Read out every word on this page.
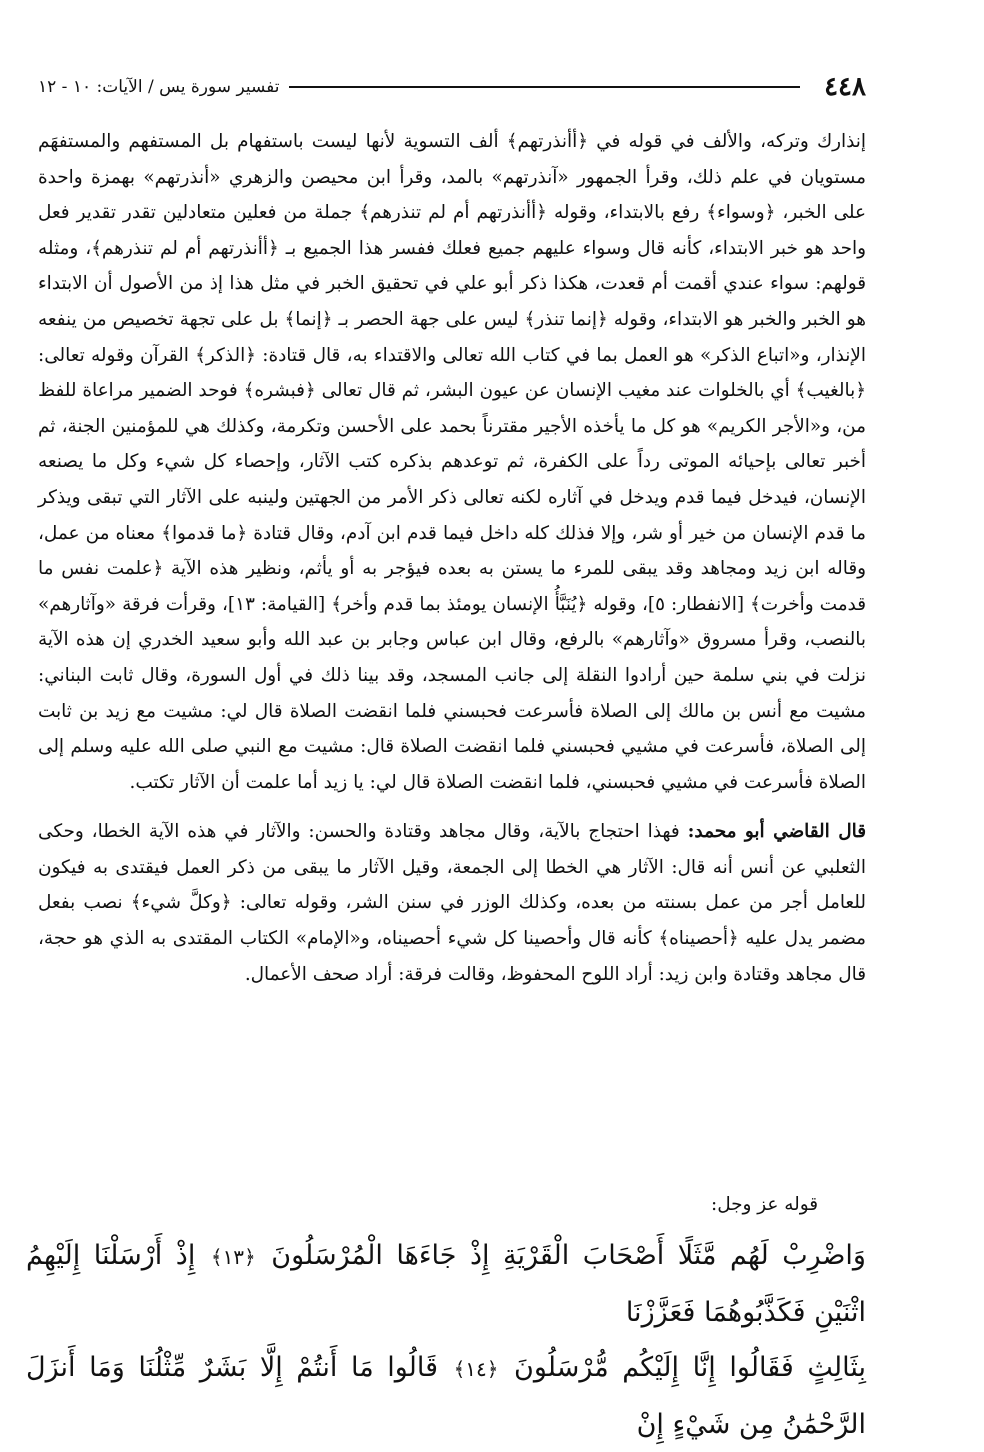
٤٤٨
تفسير سورة يس / الآيات: ١٠ - ١٢

إنذارك وتركه، والألف في قوله في ﴿أأنذرتهم﴾ ألف التسوية لأنها ليست باستفهام بل المستفهم والمستفهَم مستويان في علم ذلك، وقرأ الجمهور «آنذرتهم» بالمد، وقرأ ابن محيصن والزهري «أنذرتهم» بهمزة واحدة على الخبر، ﴿وسواء﴾ رفع بالابتداء، وقوله ﴿أأنذرتهم أم لم تنذرهم﴾ جملة من فعلين متعادلين تقدر تقدير فعل واحد هو خبر الابتداء، كأنه قال وسواء عليهم جميع فعلك ففسر هذا الجميع بـ ﴿أأنذرتهم أم لم تنذرهم﴾، ومثله قولهم: سواء عندي أقمت أم قعدت، هكذا ذكر أبو علي في تحقيق الخبر في مثل هذا إذ من الأصول أن الابتداء هو الخبر والخبر هو الابتداء، وقوله ﴿إنما تنذر﴾ ليس على جهة الحصر بـ ﴿إنما﴾ بل على تجهة تخصيص من ينفعه الإنذار، و«اتباع الذكر» هو العمل بما في كتاب الله تعالى والاقتداء به، قال قتادة: ﴿الذكر﴾ القرآن وقوله تعالى: ﴿بالغيب﴾ أي بالخلوات عند مغيب الإنسان عن عيون البشر، ثم قال تعالى ﴿فبشره﴾ فوحد الضمير مراعاة للفظ من، و«الأجر الكريم» هو كل ما يأخذه الأجير مقترناً بحمد على الأحسن وتكرمة، وكذلك هي للمؤمنين الجنة، ثم أخبر تعالى بإحيائه الموتى رداً على الكفرة، ثم توعدهم بذكره كتب الآثار، وإحصاء كل شيء وكل ما يصنعه الإنسان، فيدخل فيما قدم ويدخل في آثاره لكنه تعالى ذكر الأمر من الجهتين ولينبه على الآثار التي تبقى ويذكر ما قدم الإنسان من خير أو شر، وإلا فذلك كله داخل فيما قدم ابن آدم، وقال قتادة ﴿ما قدموا﴾ معناه من عمل، وقاله ابن زيد ومجاهد وقد يبقى للمرء ما يستن به بعده فيؤجر به أو يأثم، ونظير هذه الآية ﴿علمت نفس ما قدمت وأخرت﴾ [الانفطار: ٥]، وقوله ﴿يُنَبَّأُ الإنسان يومئذ بما قدم وأخر﴾ [القيامة: ١٣]، وقرأت فرقة «وآثارهم» بالنصب، وقرأ مسروق «وآثارهم» بالرفع، وقال ابن عباس وجابر بن عبد الله وأبو سعيد الخدري إن هذه الآية نزلت في بني سلمة حين أرادوا النقلة إلى جانب المسجد، وقد بينا ذلك في أول السورة، وقال ثابت البناني: مشيت مع أنس بن مالك إلى الصلاة فأسرعت فحبسني فلما انقضت الصلاة قال لي: مشيت مع زيد بن ثابت إلى الصلاة، فأسرعت في مشيي فحبسني فلما انقضت الصلاة قال: مشيت مع النبي صلى الله عليه وسلم إلى الصلاة فأسرعت في مشيي فحبسني، فلما انقضت الصلاة قال لي: يا زيد أما علمت أن الآثار تكتب.

قال القاضي أبو محمد: فهذا احتجاج بالآية، وقال مجاهد وقتادة والحسن: والآثار في هذه الآية الخطا، وحكى الثعلبي عن أنس أنه قال: الآثار هي الخطا إلى الجمعة، وقيل الآثار ما يبقى من ذكر العمل فيقتدى به فيكون للعامل أجر من عمل بسنته من بعده، وكذلك الوزر في سنن الشر، وقوله تعالى: ﴿وكلَّ شيء﴾ نصب بفعل مضمر يدل عليه ﴿أحصيناه﴾ كأنه قال وأحصينا كل شيء أحصيناه، و«الإمام» الكتاب المقتدى به الذي هو حجة، قال مجاهد وقتادة وابن زيد: أراد اللوح المحفوظ، وقالت فرقة: أراد صحف الأعمال.

قوله عز وجل:

وَاضْرِبْ لَهُم مَّثَلًا أَصْحَابَ الْقَرْيَةِ إِذْ جَاءَهَا الْمُرْسَلُونَ ﴿١٣﴾ إِذْ أَرْسَلْنَا إِلَيْهِمُ اثْنَيْنِ فَكَذَّبُوهُمَا فَعَزَّزْنَا

بِثَالِثٍ فَقَالُوا إِنَّا إِلَيْكُم مُّرْسَلُونَ ﴿١٤﴾ قَالُوا مَا أَنتُمْ إِلَّا بَشَرٌ مِّثْلُنَا وَمَا أَنزَلَ الرَّحْمَٰنُ مِن شَيْءٍ إِنْ
